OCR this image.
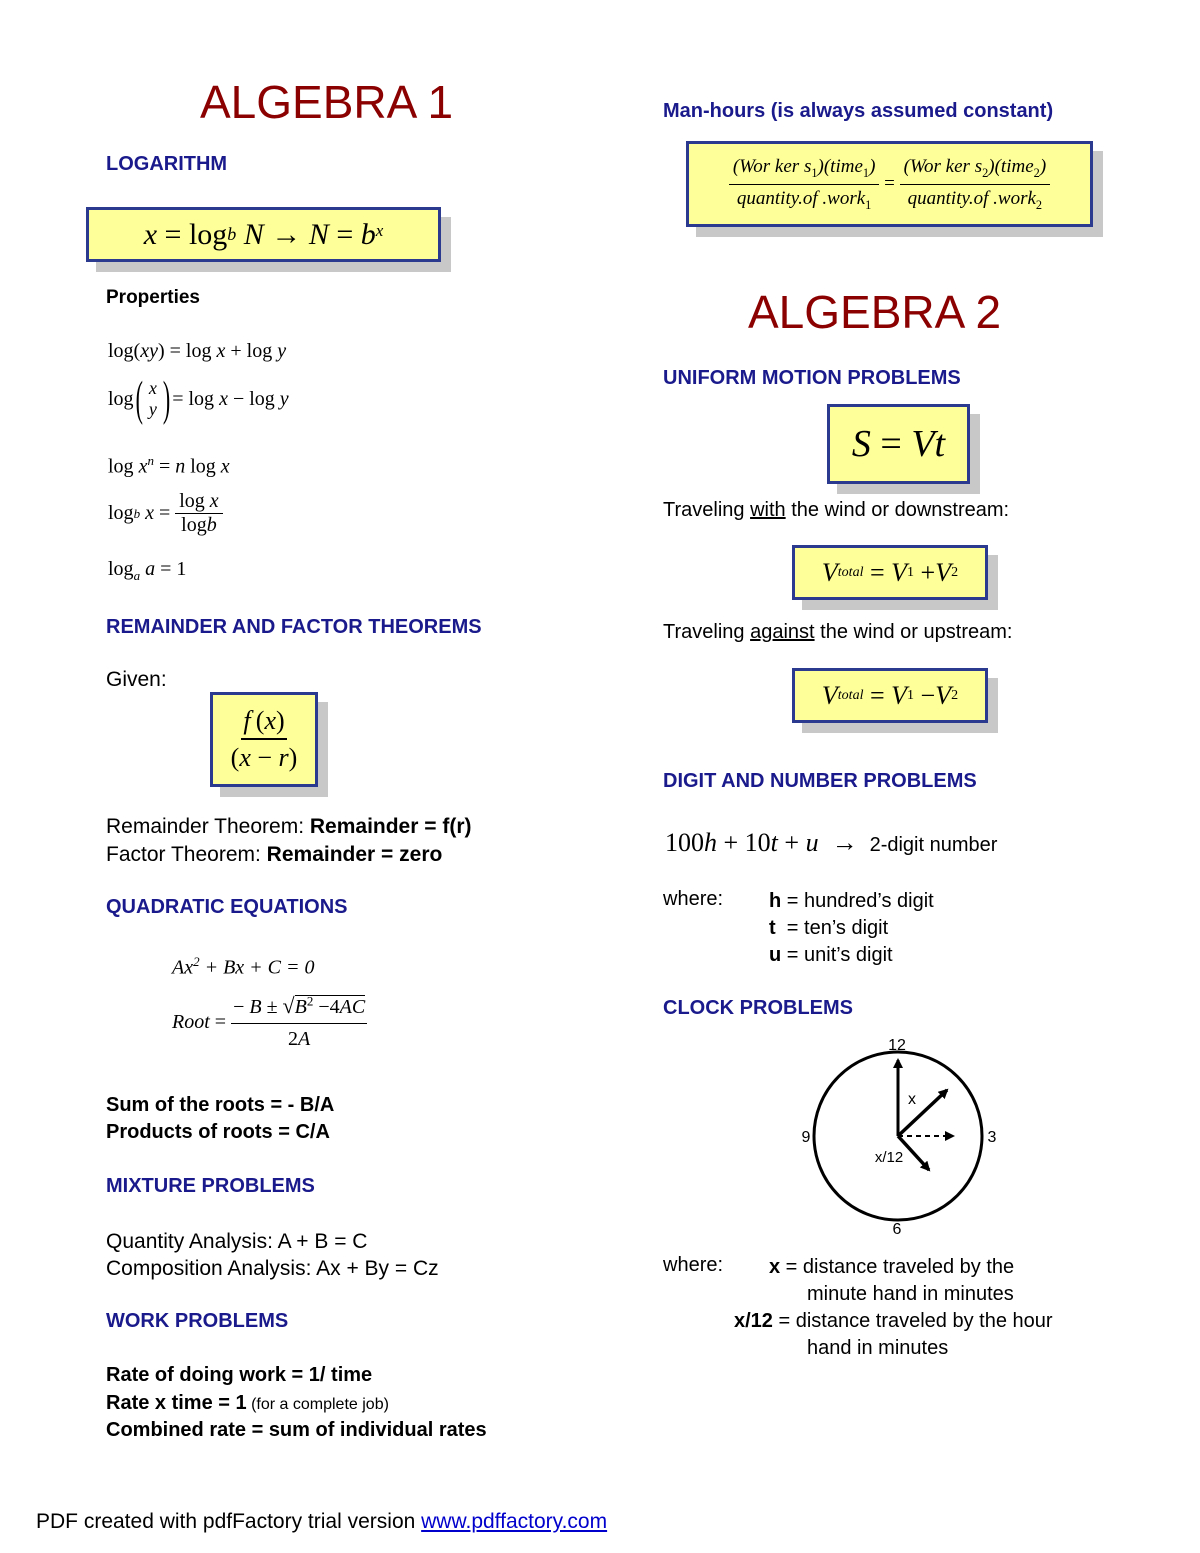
ALGEBRA 1
LOGARITHM
x = log b
$N \to N = b^x$
Properties
log(xy) = log x + log y
log ( x
y ) = log x − log y
$\log x^n = n$ log x
log b
$x = \frac{\text{log x}}{\log b}$
$\log_a a = 1$
REMAINDER AND FACTOR THEOREMS
Given:
$\frac{f (x)}{(x - r)}$
Remainder Theorem: Remainder = f(r)
Factor Theorem: Remainder = zero
QUADRATIC EQUATIONS
$Ax^2 + Bx + C = 0$
Root = $\frac{- B \pm √B^2 -4AC}{2A}$
Sum of the roots = - B/A
Products of roots = C/A
MIXTURE PROBLEMS
Quantity Analysis: A + B = C
Composition Analysis: Ax + By = Cz
WORK PROBLEMS
Rate of doing work = 1/ time
Rate x time = 1 (for a complete job)
Combined rate = sum of individual rates
Man-hours (is always assumed constant)
$\frac{(Wor ker s_1)(time_1)}{quantity.of .work_1} = \frac{(Wor ker s_2)(time_2)}{quantity.of .work_2}$
ALGEBRA 2
UNIFORM MOTION PROBLEMS
S = Vt
Traveling with the wind or downstream:
V total = V 1 + V 2
Traveling against the wind or upstream:
V total = V 1 − V 2
DIGIT AND NUMBER PROBLEMS
100h + 10t + u  → 2-digit number
where: h = hundred’s digit
t  = ten’s digit
u = unit’s digit
CLOCK PROBLEMS
12
3
6
9
x
x/12
where: x = distance traveled by the
minute hand in minutes
x/12 = distance traveled by the hour
hand in minutes
PDF created with pdfFactory trial version www.pdffactory.com
